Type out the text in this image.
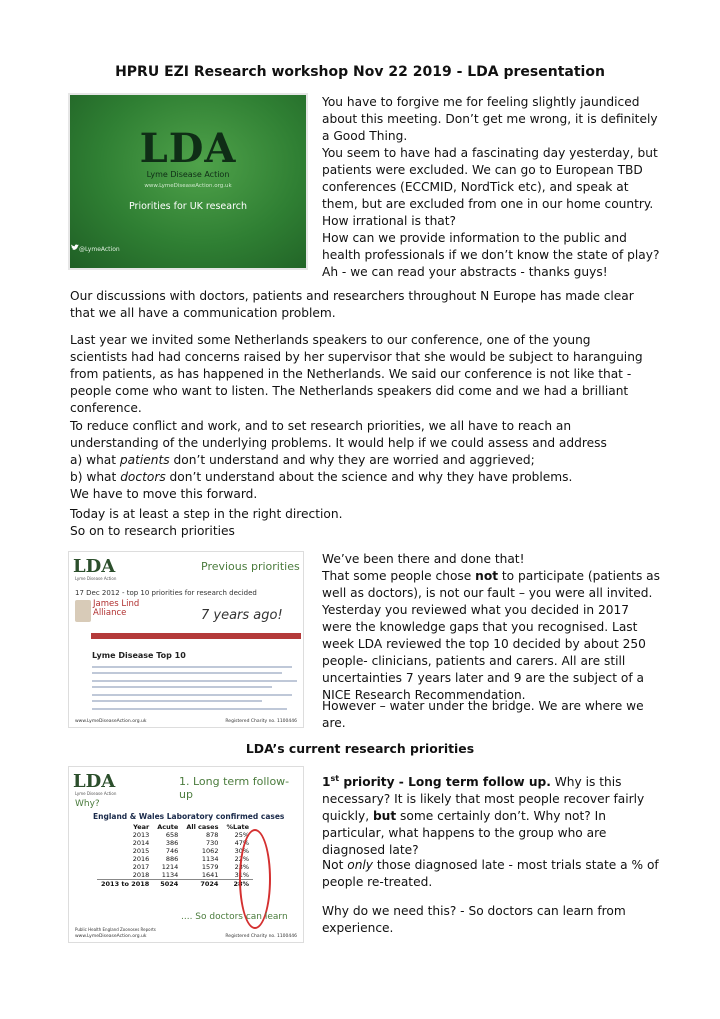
HPRU EZI Research workshop Nov 22 2019 - LDA presentation
LDA
Lyme Disease Action
www.LymeDiseaseAction.org.uk
Priorities for UK research
@LymeAction
You have to forgive me for feeling slightly jaundiced about this meeting. Don’t get me wrong, it is definitely a Good Thing.
You seem to have had a fascinating day yesterday, but patients were excluded. We can go to European TBD conferences (ECCMID, NordTick etc), and speak at them, but are excluded from one in our home country. How irrational is that?
How can we provide information to the public and health professionals if we don’t know the state of play? Ah - we can read your abstracts - thanks guys!
Our discussions with doctors, patients and researchers throughout N Europe has made clear that we all have a communication problem.
Last year we invited some Netherlands speakers to our conference, one of the young scientists had had concerns raised by her supervisor that she would be subject to haranguing from patients, as has happened in the Netherlands. We said our conference is not like that - people come who want to listen. The Netherlands speakers did come and we had a brilliant conference.
To reduce conflict and work, and to set research priorities, we all have to reach an understanding of the underlying problems. It would help if we could assess and address
a) what patients don’t understand and why they are worried and aggrieved;
b) what doctors don’t understand about the science and why they have problems.
We have to move this forward.
Today is at least a step in the right direction.
So on to research priorities
LDA
Lyme Disease Action
Previous priorities
17 Dec 2012 - top 10 priorities for research decided
James Lind Alliance	7 years ago!
Lyme Disease Top 10
www.LymeDiseaseAction.org.uk	Registered Charity no. 1100446
We’ve been there and done that!
That some people chose not to participate (patients as well as doctors), is not our fault – you were all invited. Yesterday you reviewed what you decided in 2017 were the knowledge gaps that you recognised. Last week LDA reviewed the top 10 decided by about 250 people- clinicians, patients and carers. All are still uncertainties 7 years later and 9 are the subject of a NICE Research Recommendation.
However – water under the bridge. We are where we are.
LDA’s current research priorities
LDA
Lyme Disease Action
1. Long term follow-up
Why?
England & Wales Laboratory confirmed cases
Year	Acute	All cases	%Late
2013	658	878	25%
2014	386	730	47%
2015	746	1062	30%
2016	886	1134	22%
2017	1214	1579	23%
2018	1134	1641	31%
2013 to 2018	5024	7024	28%
.... So doctors can learn
Public Health England Zoonoses Reports
www.LymeDiseaseAction.org.uk	Registered Charity no. 1100446
1st priority - Long term follow up. Why is this necessary? It is likely that most people recover fairly quickly, but some certainly don’t. Why not? In particular, what happens to the group who are diagnosed late?
Not only those diagnosed late - most trials state a % of people re-treated.
Why do we need this? - So doctors can learn from experience.
